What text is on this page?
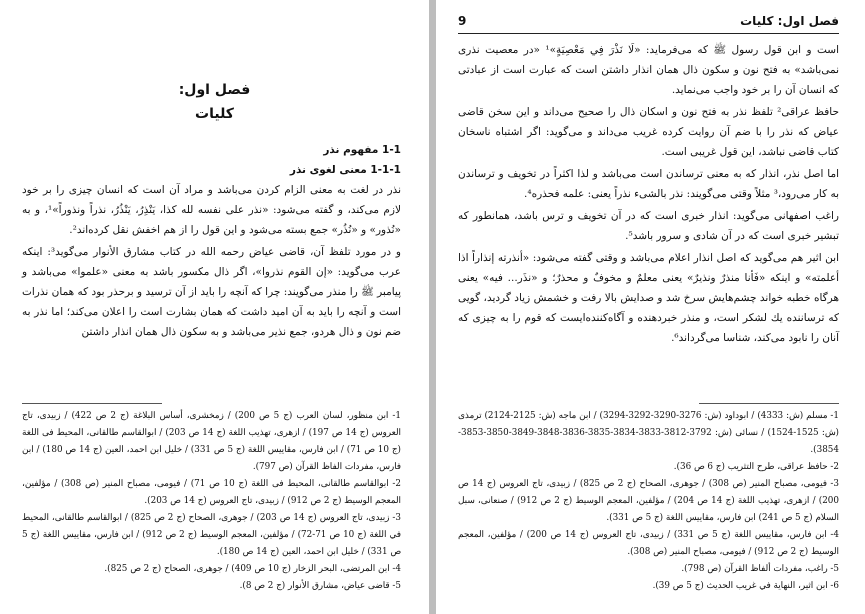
فصل اول:
كليات
1-1 مفهوم نذر
1-1-1 معنی لغوی نذر

نذر در لغت به معنی الزام كردن می‌باشد و مراد آن است كه انسان چيزی را بر خود لازم می‌كند، و گفته می‌شود: «نذر على نفسه لله كذا، يَنْذِرُ، يَنْذُرُ، نذراً ونذوراً»¹، و به «نُذور» و «نُذُر» جمع بسته می‌شود و اين قول را از هم اخفش نقل كرده‌اند².

و در مورد تلفظ آن، قاضی عياض رحمه الله در كتاب مشارق الأنوار می‌گويد³: اينكه عرب می‌گويد: «إن القوم نذروا»، اگر ذال مكسور باشد به معنی «علموا» می‌باشد و پيامبر ﷺ را منذر می‌گويند: چرا كه آنچه را بايد از آن ترسيد و برحذر بود كه همان نذرات است و آنچه را بايد به آن اميد داشت كه همان بشارت است را اعلان می‌كند؛ اما نذر به ضم نون و ذال هردو، جمع نذير می‌باشد و به سكون ذال همان انذار داشتن

1- ابن منظور، لسان العرب (ج 5 ص 200) / زمخشری، أساس البلاغة (ج 2 ص 422) / زبيدی، تاج العروس (ج 14 ص 197) / ازهری، تهذيب اللغة (ج 14 ص 203) / ابوالقاسم طالقانی، المحيط فی اللغة (ج 10 ص 71) / ابن فارس، مقاييس اللغة (ج 5 ص 331) / خليل ابن احمد، العين (ج 14 ص 180) / ابن فارس، مفردات الفاظ القرآن (ص 797).
2- ابوالقاسم طالقانی، المحيط فی اللغة (ج 10 ص 71) / فيومی، مصباح المنير (ص 308) / مؤلفين، المعجم الوسيط (ج 2 ص 912) / زبيدی، تاج العروس (ج 14 ص 203).
3- زبيدی، تاج العروس (ج 14 ص 203) / جوهری، الصحاح (ج 2 ص 825) / ابوالقاسم طالقانی، المحيط في اللغة (ج 10 ص 71-72) / مؤلفين، المعجم الوسيط (ج 2 ص 912) / ابن فارس، مقاييس اللغة (ج 5 ص 331) / خليل ابن احمد، العين (ج 14 ص 180).
4- ابن المرتضى، البحر الزخار (ج 10 ص 409) / جوهری، الصحاح (ج 2 ص 825).
5- قاضی عياض، مشارق الأنوار (ج 2 ص 8).
فصل اول: كليات
9

است و ابن قول رسول ﷺ كه می‌فرمايد: «لَا نَذْرَ فِي مَعْصِيَةٍ»¹ «در معصيت نذری نمی‌باشد» به فتح نون و سكون ذال همان انذار داشتن است كه عبارت است از عبادتی كه انسان آن را بر خود واجب می‌نمايد.

حافظ عراقی² تلفظ نذر به فتح نون و اسكان ذال را صحيح می‌داند و اين سخن قاضی عياض كه نذر را با ضم آن روايت كرده غريب می‌داند و می‌گويد: اگر اشتباه ناسخان كتاب قاضی نباشد، اين قول غريبی است.

اما اصل نذر، انذار كه به معنی ترساندن است می‌باشد و لذا اكثراً در تخويف و ترساندن به كار می‌رود،³ مثلاً وقتی می‌گويند: نذر بالشیء نذراً يعنی: علمه فحذره⁴.

راغب اصفهانی می‌گويد: انذار خبری است كه در آن تخويف و ترس باشد، همانطور كه تبشير خبری است كه در آن شادی و سرور باشد⁵.

ابن اثير هم می‌گويد كه اصل انذار اعلام می‌باشد و وقتی گفته می‌شود: «أنذرته إنذاراً اذا أعلمته» و اينكه «فَأنا منذرٌ ونذيرٌ» يعنی معلمٌ و مخوفٌ و محذرٌ؛ و «نذَر... فيه» يعنی هرگاه خطبه خواند چشم‌هايش سرخ شد و صدايش بالا رفت و خشمش زياد گرديد، گويی كه ترساننده يك لشكر است، و منذر خبردهنده و آگاه‌كننده‌ايست كه قوم را به چيزی كه آنان را نابود می‌كند، شناسا می‌گرداند⁶.

1- مسلم (ش: 4333) / ابوداود (ش: 3276-3290-3292-3294) / ابن ماجه (ش: 2125-2124) ترمذی (ش: 1525-1524) / نسائی (ش: 3792-3812-3833-3834-3835-3836-3848-3849-3850-3853-3854).
2- حافظ عراقی، طرح التثريب (ج 6 ص 36).
3- فيومی، مصباح المنير (ص 308) / جوهری، الصحاح (ج 2 ص 825) / زبيدی، تاج العروس (ج 14 ص 200) / ازهری، تهذيب اللغة (ج 14 ص 204) / مؤلفين، المعجم الوسيط (ج 2 ص 912) / صنعانی، سبل السلام (ج 5 ص 241) ابن فارس، مقاييس اللغة (ج 5 ص 331).
4- ابن فارس، مقاييس اللغة (ج 5 ص 331) / زبيدی، تاج العروس (ج 14 ص 200) / مؤلفين، المعجم الوسيط (ج 2 ص 912) / فيومی، مصباح المنير (ص 308).
5- راغب، مفردات ألفاظ القرآن (ص 798).
6- ابن اثير، النهاية في غريب الحديث (ج 5 ص 39).
